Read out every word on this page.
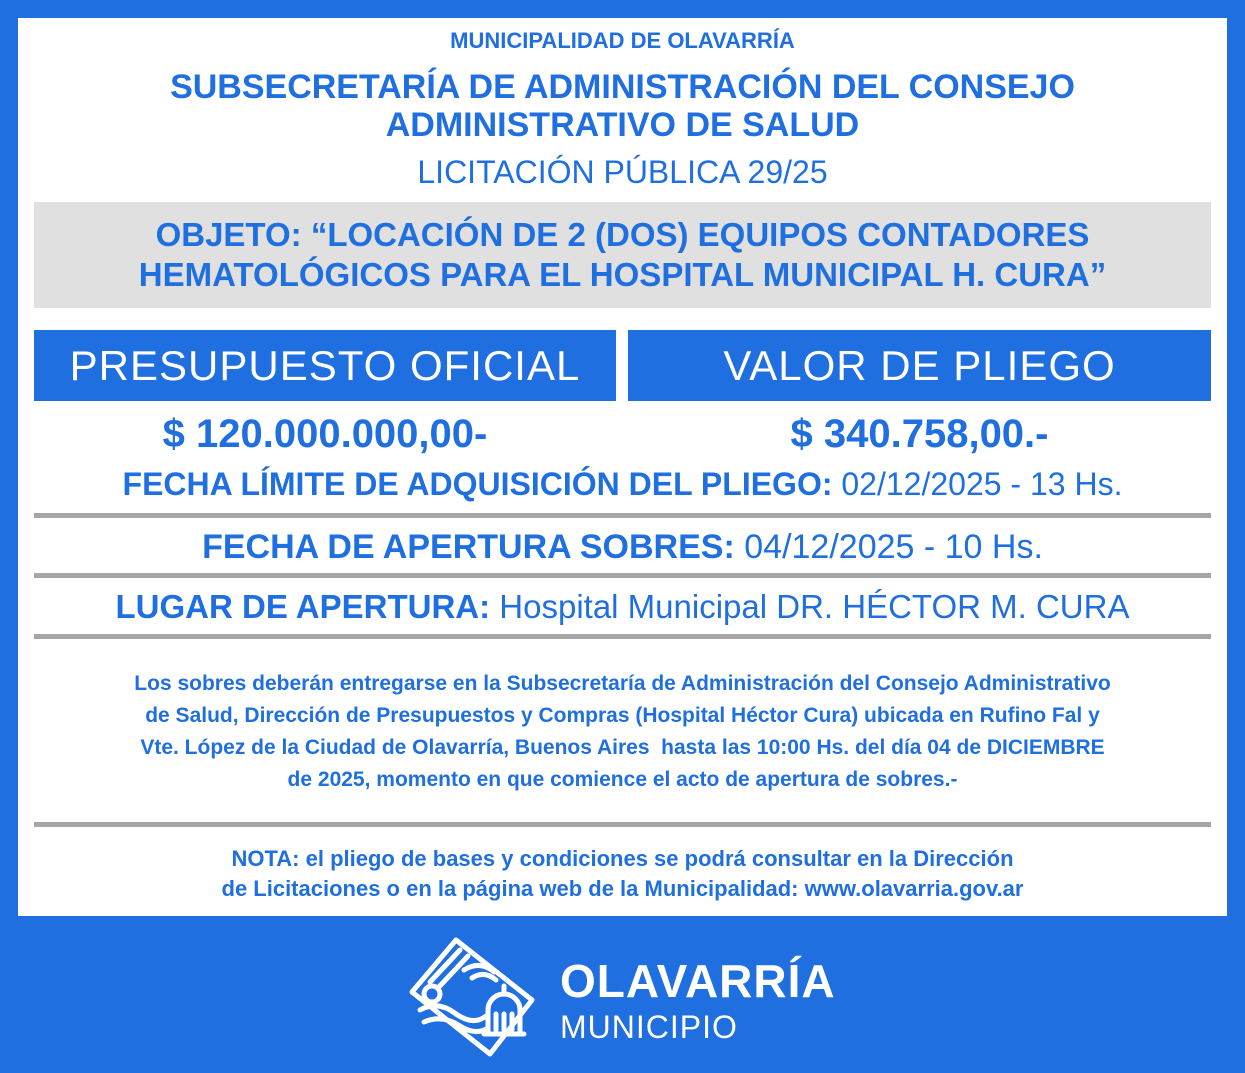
MUNICIPALIDAD DE OLAVARRÍA
SUBSECRETARÍA DE ADMINISTRACIÓN DEL CONSEJO
ADMINISTRATIVO DE SALUD
LICITACIÓN PÚBLICA 29/25
OBJETO: “LOCACIÓN DE 2 (DOS) EQUIPOS CONTADORES
HEMATOLÓGICOS PARA EL HOSPITAL MUNICIPAL H. CURA”
PRESUPUESTO OFICIAL	VALOR DE PLIEGO
$ 120.000.000,00-	$ 340.758,00.-
FECHA LÍMITE DE ADQUISICIÓN DEL PLIEGO: 02/12/2025 - 13 Hs.
FECHA DE APERTURA SOBRES: 04/12/2025 - 10 Hs.
LUGAR DE APERTURA: Hospital Municipal DR. HÉCTOR M. CURA
Los sobres deberán entregarse en la Subsecretaría de Administración del Consejo Administrativo
de Salud, Dirección de Presupuestos y Compras (Hospital Héctor Cura) ubicada en Rufino Fal y
Vte. López de la Ciudad de Olavarría, Buenos Aires  hasta las 10:00 Hs. del día 04 de DICIEMBRE
de 2025, momento en que comience el acto de apertura de sobres.-
NOTA: el pliego de bases y condiciones se podrá consultar en la Dirección
de Licitaciones o en la página web de la Municipalidad: www.olavarria.gov.ar
OLAVARRÍA
MUNICIPIO
